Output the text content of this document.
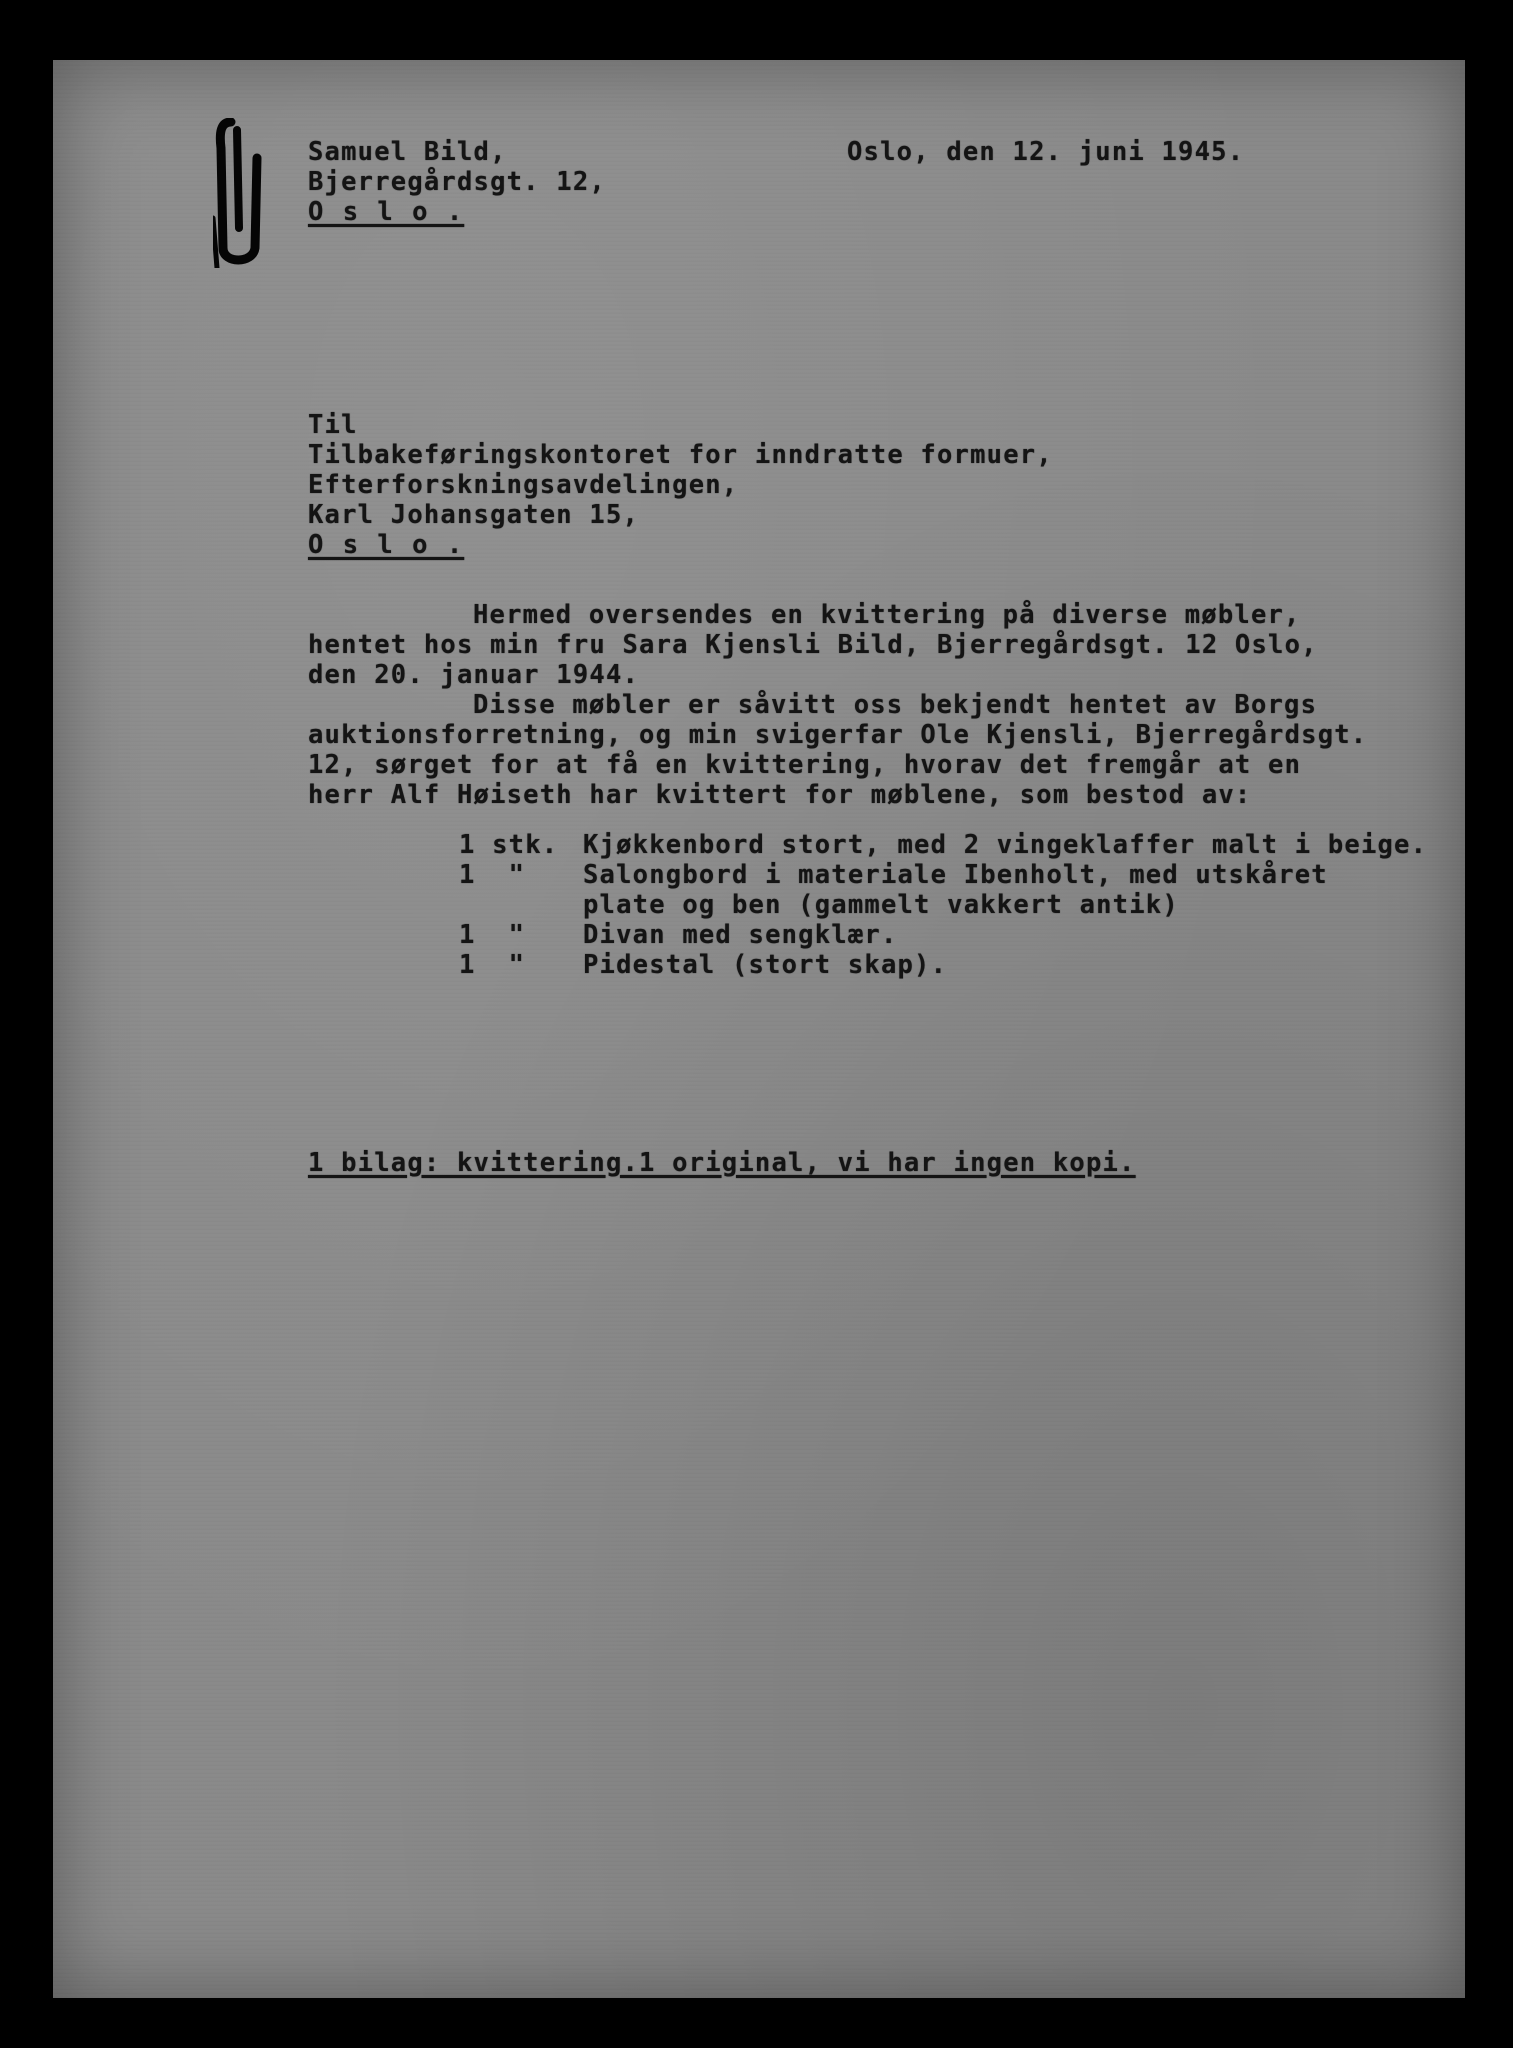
Samuel Bild,
Bjerregårdsgt. 12,
O s l o .
Oslo, den 12. juni 1945.
Til
Tilbakeføringskontoret for inndratte formuer,
Efterforskningsavdelingen,
Karl Johansgaten 15,
O s l o .
Hermed oversendes en kvittering på diverse møbler,
hentet hos min fru Sara Kjensli Bild, Bjerregårdsgt. 12 Oslo,
den 20. januar 1944.
Disse møbler er såvitt oss bekjendt hentet av Borgs
auktionsforretning, og min svigerfar Ole Kjensli, Bjerregårdsgt.
12, sørget for at få en kvittering, hvorav det fremgår at en
herr Alf Høiseth har kvittert for møblene, som bestod av:
1 stk. Kjøkkenbord stort, med 2 vingeklaffer malt i beige.
1  " Salongbord i materiale Ibenholt, med utskåret
plate og ben (gammelt vakkert antik)
1  " Divan med sengklær.
1  " Pidestal (stort skap).
1 bilag: kvittering.1 original, vi har ingen kopi.
